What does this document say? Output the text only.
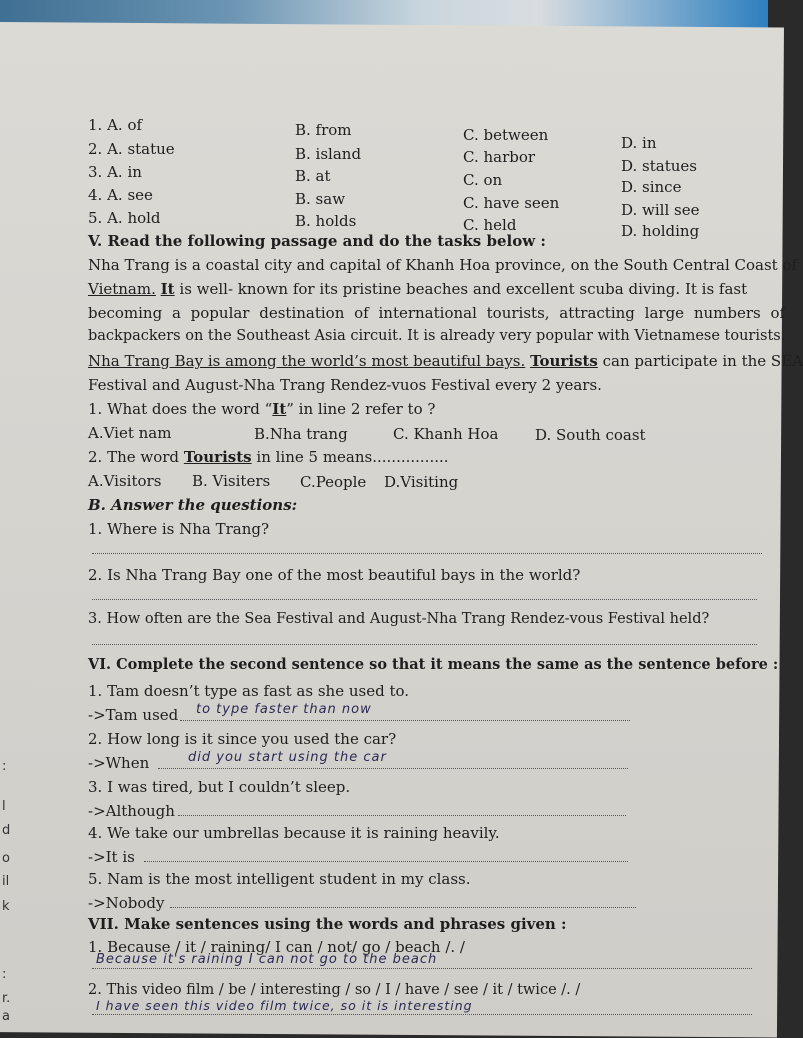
:
l
d
o
il
k
:
r.
a
1. A. of	B. from	C. between	D. in
2. A. statue	B. island	C. harbor	D. statues
3. A. in	B. at	C. on	D. since
4. A. see	B. saw	C. have seen	D. will see
5. A. hold	B. holds	C. held	D. holding
V. Read the following passage and do the tasks below :
Nha Trang is a coastal city and capital of Khanh Hoa province, on the South Central Coast of
Vietnam. It is well- known for its pristine beaches and excellent scuba diving. It is fast
becoming a popular destination of international tourists, attracting large numbers of
backpackers on the Southeast Asia circuit. It is already very popular with Vietnamese tourists.
Nha Trang Bay is among the world’s most beautiful bays. Tourists can participate in the SEA
Festival and August-Nha Trang Rendez-vuos Festival every 2 years.
1. What does the word “It” in line 2 refer to ?
A.Viet nam	B.Nha trang	C. Khanh Hoa D. South coast
2. The word Tourists in line 5 means................
A.Visitors B. Visiters C.People D.Visiting
B. Answer the questions:
1. Where is Nha Trang?
2. Is Nha Trang Bay one of the most beautiful bays in the world?
3. How often are the Sea Festival and August-Nha Trang Rendez-vous Festival held?
VI. Complete the second sentence so that it means the same as the sentence before :
1. Tam doesn’t type as fast as she used to.
->Tam used to type faster than now
2. How long is it since you used the car?
->When	did you start using the car
3. I was tired, but I couldn’t sleep.
->Although
4. We take our umbrellas because it is raining heavily.
->It is
5. Nam is the most intelligent student in my class.
->Nobody
VII. Make sentences using the words and phrases given :
1. Because / it / raining/ I can / not/ go / beach /. /
Because it's raining I can not go to the beach
2. This video film / be / interesting / so / I / have / see / it / twice /. /
I have seen this video film twice, so it is interesting
